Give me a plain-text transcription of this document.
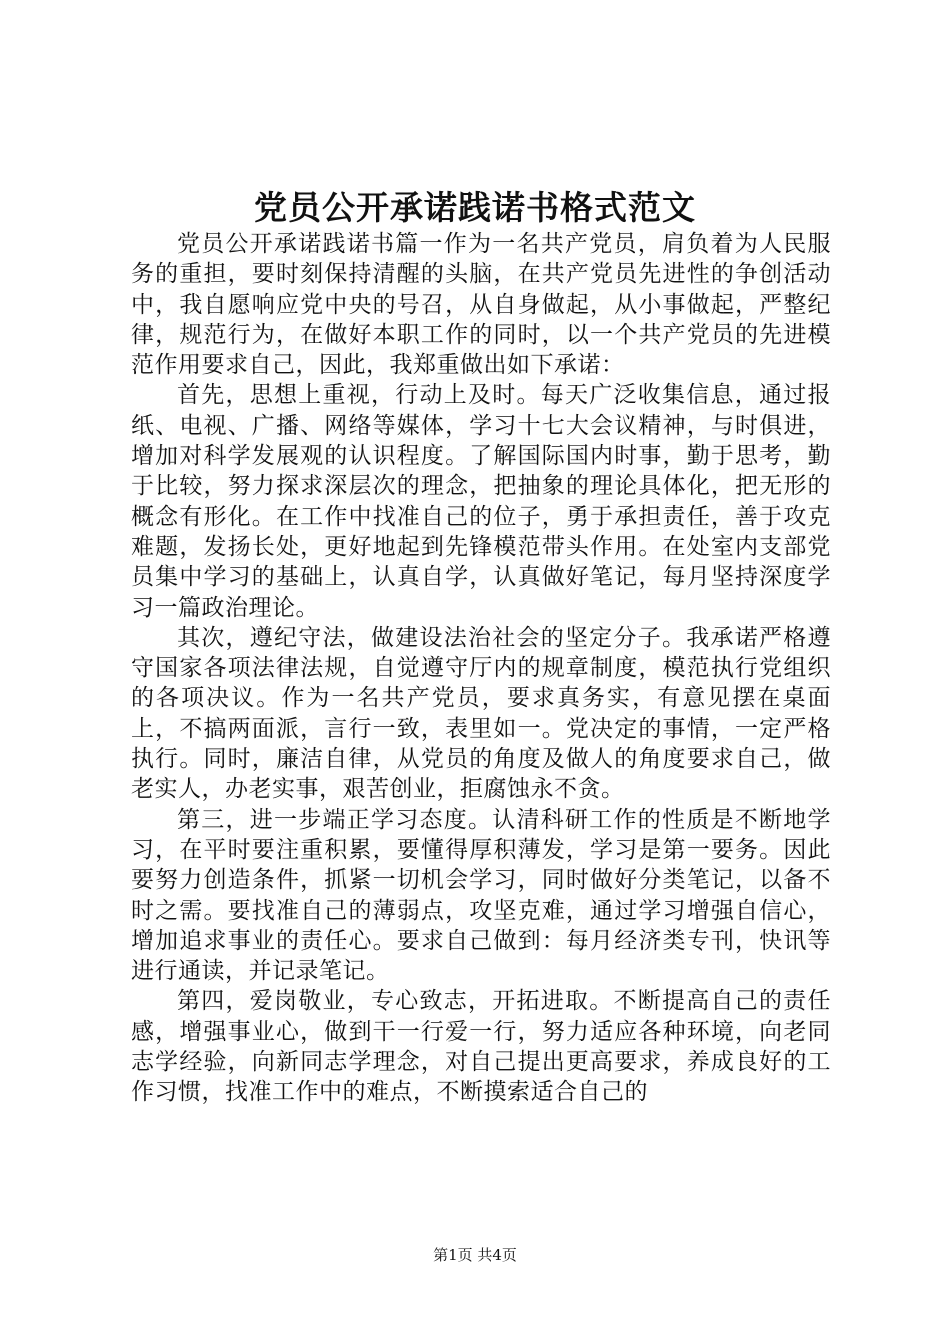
党员公开承诺践诺书格式范文

党员公开承诺践诺书篇一作为一名共产党员，肩负着为人民服务的重担，要时刻保持清醒的头脑，在共产党员先进性的争创活动中，我自愿响应党中央的号召，从自身做起，从小事做起，严整纪律，规范行为，在做好本职工作的同时，以一个共产党员的先进模范作用要求自己，因此，我郑重做出如下承诺：

首先，思想上重视，行动上及时。每天广泛收集信息，通过报纸、电视、广播、网络等媒体，学习十七大会议精神，与时俱进，增加对科学发展观的认识程度。了解国际国内时事，勤于思考，勤于比较，努力探求深层次的理念，把抽象的理论具体化，把无形的概念有形化。在工作中找准自己的位子，勇于承担责任，善于攻克难题，发扬长处，更好地起到先锋模范带头作用。在处室内支部党员集中学习的基础上，认真自学，认真做好笔记，每月坚持深度学习一篇政治理论。

其次，遵纪守法，做建设法治社会的坚定分子。我承诺严格遵守国家各项法律法规，自觉遵守厅内的规章制度，模范执行党组织的各项决议。作为一名共产党员，要求真务实，有意见摆在桌面上，不搞两面派，言行一致，表里如一。党决定的事情，一定严格执行。同时，廉洁自律，从党员的角度及做人的角度要求自己，做老实人，办老实事，艰苦创业，拒腐蚀永不贪。

第三，进一步端正学习态度。认清科研工作的性质是不断地学习，在平时要注重积累，要懂得厚积薄发，学习是第一要务。因此要努力创造条件，抓紧一切机会学习，同时做好分类笔记，以备不时之需。要找准自己的薄弱点，攻坚克难，通过学习增强自信心，增加追求事业的责任心。要求自己做到：每月经济类专刊，快讯等进行通读，并记录笔记。

第四，爱岗敬业，专心致志，开拓进取。不断提高自己的责任感，增强事业心，做到干一行爱一行，努力适应各种环境，向老同志学经验，向新同志学理念，对自己提出更高要求，养成良好的工作习惯，找准工作中的难点，不断摸索适合自己的

第1页 共4页
